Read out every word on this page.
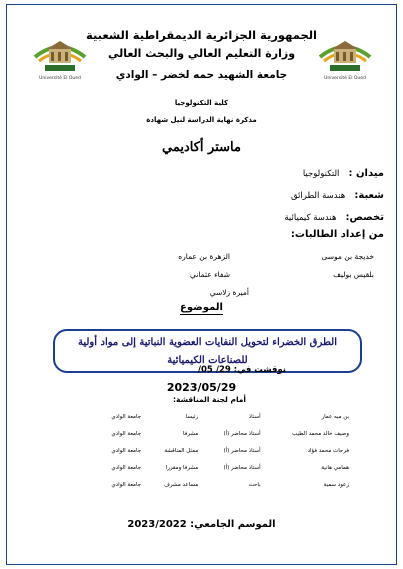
Université El Oued	Université El Oued
الجمهورية الجزائرية الديمقراطية الشعبية
وزارة التعليم العالي والبحث العالي
جامعة الشهيد حمه لخضر – الوادي
كلية التكنولوجيا
مذكرة نهاية الدراسة لنيل شهادة
ماستر أكاديمي
ميدان : التكنولوجيا
شعبة: هندسة الطرائق
تخصص: هندسة كيميائية
من إعداد الطالبات:
خديجة بن موسى
بلقيس بوليف
الزهرة بن عماره
شفاء عثماني
أميرة زلاسي
الموضوع
الطرق الخضراء لتحويل النفايات العضوية النباتية إلى مواد أولية للصناعات الكيميائية
نوقشت في: 29/ 05/
2023/05/29
أمام لجنة المناقشة:
بن ميه عمار	أستاذ	رئيسا	جامعة الوادي
وصيف خالد محمد الطيب	أستاذ محاضر (أ)	مشرفا	جامعة الوادي
فرحات محمد فؤاد	أستاذ محاضر (أ)	ممثل المناقشة	جامعة الوادي
همامي هانية	أستاذ محاضر (أ)	مشرفا ومقررا	جامعة الوادي
زعود سمية	باحث	مساعد مشرف	جامعة الوادي
الموسم الجامعي: 2023/2022
